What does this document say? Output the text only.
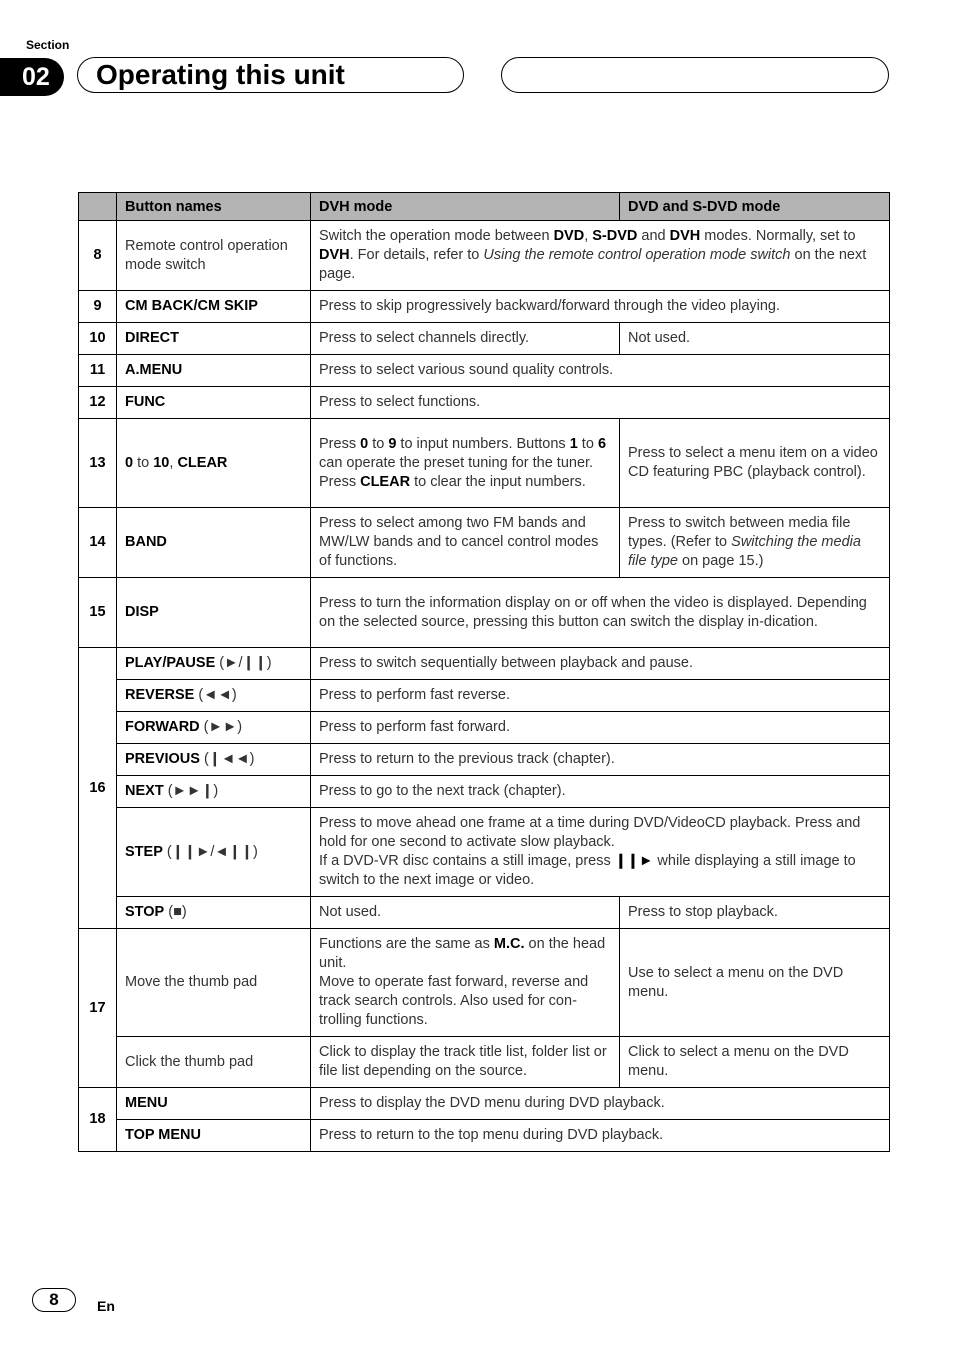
Section
02	Operating this unit
	Button names	DVH mode	DVD and S-DVD mode
8	Remote control operation mode switch	Switch the operation mode between DVD, S-DVD and DVH modes. Normally, set to DVH. For details, refer to Using the remote control operation mode switch on the next page.	
9	CM BACK/CM SKIP	Press to skip progressively backward/forward through the video playing.	
10	DIRECT	Press to select channels directly.	Not used.
11	A.MENU	Press to select various sound quality controls.	
12	FUNC	Press to select functions.	
13	0 to 10, CLEAR	Press 0 to 9 to input numbers. Buttons 1 to 6 can operate the preset tuning for the tuner. Press CLEAR to clear the input numbers.	Press to select a menu item on a video CD featuring PBC (playback control).
14	BAND	Press to select among two FM bands and MW/LW bands and to cancel control modes of functions.	Press to switch between media file types. (Refer to Switching the media file type on page 15.)
15	DISP	Press to turn the information display on or off when the video is displayed. Depending on the selected source, pressing this button can switch the display in-dication.	
16	PLAY/PAUSE (►/❙❙)	Press to switch sequentially between playback and pause.	
	REVERSE (◄◄)	Press to perform fast reverse.	
	FORWARD (►►)	Press to perform fast forward.	
	PREVIOUS (❙◄◄)	Press to return to the previous track (chapter).	
	NEXT (►►❙)	Press to go to the next track (chapter).	
	STEP (❙❙►/◄❙❙)	Press to move ahead one frame at a time during DVD/VideoCD playback. Press and hold for one second to activate slow playback.
If a DVD-VR disc contains a still image, press ❙❙► while displaying a still image to switch to the next image or video.	
	STOP (■)	Not used.	Press to stop playback.
17	Move the thumb pad	Functions are the same as M.C. on the head unit.
Move to operate fast forward, reverse and track search controls. Also used for con-trolling functions.	Use to select a menu on the DVD menu.
	Click the thumb pad	Click to display the track title list, folder list or file list depending on the source.	Click to select a menu on the DVD menu.
18	MENU	Press to display the DVD menu during DVD playback.	
	TOP MENU	Press to return to the top menu during DVD playback.	
8	En
